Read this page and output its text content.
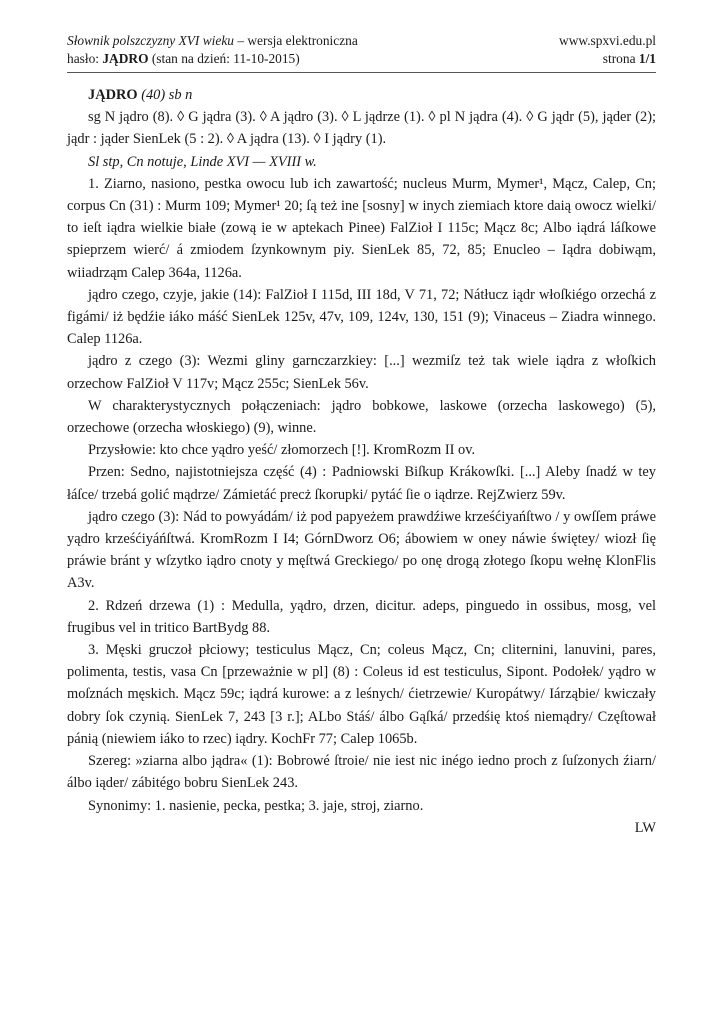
Słownik polszczyzny XVI wieku – wersja elektroniczna	www.spxvi.edu.pl
hasło: JĄDRO (stan na dzień: 11-10-2015)	strona 1/1

JĄDRO (40) sb n

sg N jądro (8). ◊ G jądra (3). ◊ A jądro (3). ◊ L jądrze (1). ◊ pl N jądra (4). ◊ G jądr (5), jąder (2); jądr : jąder SienLek (5 : 2). ◊ A jądra (13). ◊ I jądry (1).

Sl stp, Cn notuje, Linde XVI — XVIII w.

1. Ziarno, nasiono, pestka owocu lub ich zawartość; nucleus Murm, Mymer¹, Mącz, Calep, Cn; corpus Cn (31) : Murm 109; Mymer¹ 20; ſą też ine [sosny] w inych ziemiach ktore daią owocz wielki/ to ieſt iądra wielkie białe (zową ie w aptekach Pinee) FalZioł I 115c; Mącz 8c; Albo iądrá láſkowe spieprzem wierć/ á zmiodem ſzynkownym piy. SienLek 85, 72, 85; Enucleo – Iądra dobiwąm, wiiadrząm Calep 364a, 1126a.

jądro czego, czyje, jakie (14): FalZioł I 115d, III 18d, V 71, 72; Nátłucz iądr włoſkiégo orzechá z figámi/ iż będźie iáko máść SienLek 125v, 47v, 109, 124v, 130, 151 (9); Vinaceus – Ziadra winnego. Calep 1126a.

jądro z czego (3): Wezmi gliny garnczarzkiey: [...] wezmiſz też tak wiele iądra z włoſkich orzechow FalZioł V 117v; Mącz 255c; SienLek 56v.

W charakterystycznych połączeniach: jądro bobkowe, laskowe (orzecha laskowego) (5), orzechowe (orzecha włoskiego) (9), winne.

Przysłowie: kto chce yądro yeść/ złomorzech [!]. KromRozm II ov.

Przen: Sedno, najistotniejsza część (4) : Padniowski Biſkup Krákowſki. [...] Aleby ſnadź w tey łáſce/ trzebá golić mądrze/ Zámietáć precż ſkorupki/ pytáć ſie o iądrze. RejZwierz 59v.

jądro czego (3): Nád to powyádám/ iż pod papyeżem prawdźiwe krześćiyańſtwo / y owſſem práwe yądro krześćiyáńſtwá. KromRozm I I4; GórnDworz O6; ábowiem w oney náwie świętey/ wiozł ſię práwie bránt y wſzytko iądro cnoty y męſtwá Greckiego/ po onę drogą złotego ſkopu wełnę KlonFlis A3v.

2. Rdzeń drzewa (1) : Medulla, yądro, drzen, dicitur. adeps, pinguedo in ossibus, mosg, vel frugibus vel in tritico BartBydg 88.

3. Męski gruczoł płciowy; testiculus Mącz, Cn; coleus Mącz, Cn; cliternini, lanuvini, pares, polimenta, testis, vasa Cn [przeważnie w pl] (8) : Coleus id est testiculus, Sipont. Podołek/ yądro w moſznách męskich. Mącz 59c; iądrá kurowe: a z leśnych/ ćietrzewie/ Kuropátwy/ Iárząbie/ kwiczały dobry ſok czynią. SienLek 7, 243 [3 r.]; ALbo Stáś/ álbo Gąſká/ przedśię ktoś niemądry/ Częſtował pánią (niewiem iáko to rzec) iądry. KochFr 77; Calep 1065b.

Szereg: »ziarna albo jądra« (1): Bobrowé ſtroie/ nie iest nic inégo iedno proch z ſuſzonych źiarn/ álbo iąder/ zábitégo bobru SienLek 243.

Synonimy: 1. nasienie, pecka, pestka; 3. jaje, stroj, ziarno.

LW
